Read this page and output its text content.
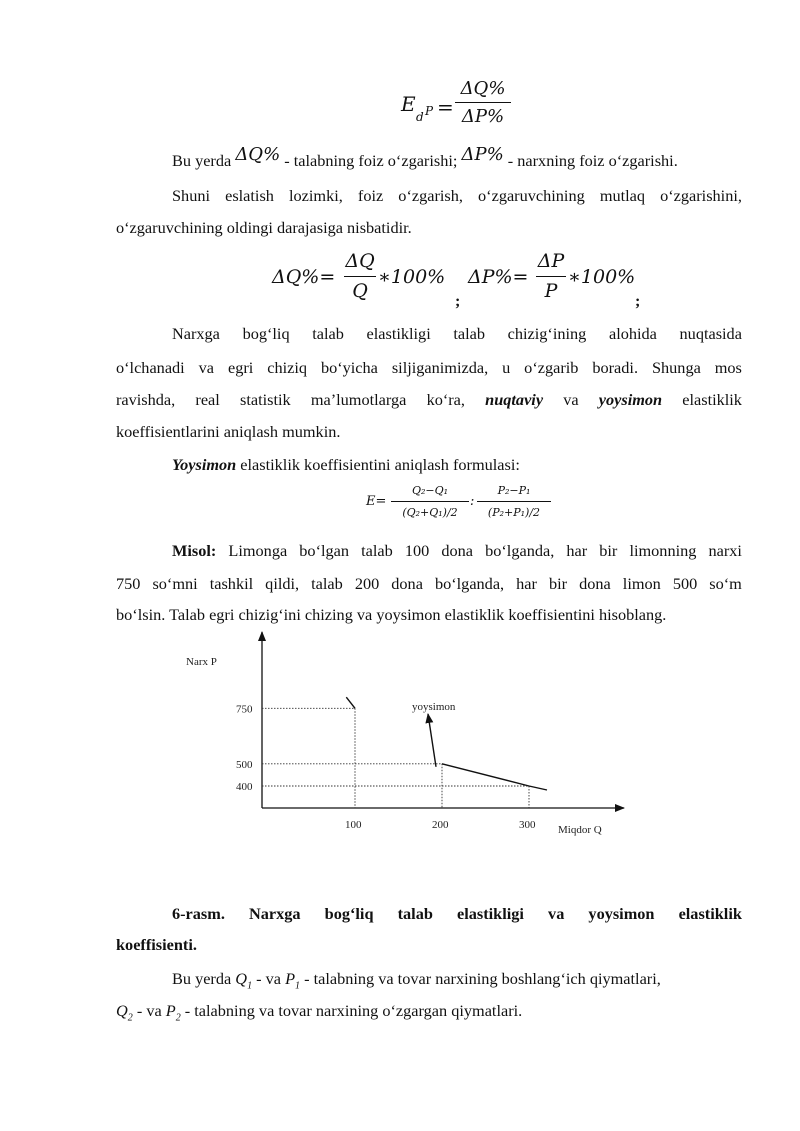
E
d P =
ΔQ%
ΔP%
Bu yerda ΔQ% - talabning foiz o‘zgarishi; ΔP% - narxning foiz o‘zgarishi.
Shuni eslatish lozimki, foiz o‘zgarish, o‘zgaruvchining mutlaq o‘zgarishini,
o‘zgaruvchining oldingi darajasiga nisbatidir.
ΔQ%=
ΔQ
Q
∗100%
;
ΔP%=
ΔP
P
∗100%
;
Narxga bog‘liq talab elastikligi talab chizig‘ining alohida nuqtasida
o‘lchanadi va egri chiziq bo‘yicha siljiganimizda, u o‘zgarib boradi. Shunga mos
ravishda, real statistik ma’lumotlarga ko‘ra, nuqtaviy va yoysimon elastiklik
koeffisientlarini aniqlash mumkin.
Yoysimon elastiklik koeffisientini aniqlash formulasi:
E=
Q₂−Q₁
(Q₂+Q₁)/2
:
P₂−P₁
(P₂+P₁)/2
Misol: Limonga bo‘lgan talab 100 dona bo‘lganda, har bir limonning narxi
750 so‘mni tashkil qildi, talab 200 dona bo‘lganda, har bir dona limon 500 so‘m
bo‘lsin. Talab egri chizig‘ini chizing va yoysimon elastiklik koeffisientini hisoblang.
Narx P
Miqdor Q
750
500
400
100	200	300
yoysimon
6-rasm. Narxga bog‘liq talab elastikligi va yoysimon elastiklik
koeffisienti.
Bu yerda $Q_1$ - va $P_1$ - talabning va tovar narxining boshlang‘ich qiymatlari,
$Q_2$ - va $P_2$ - talabning va tovar narxining o‘zgargan qiymatlari.
